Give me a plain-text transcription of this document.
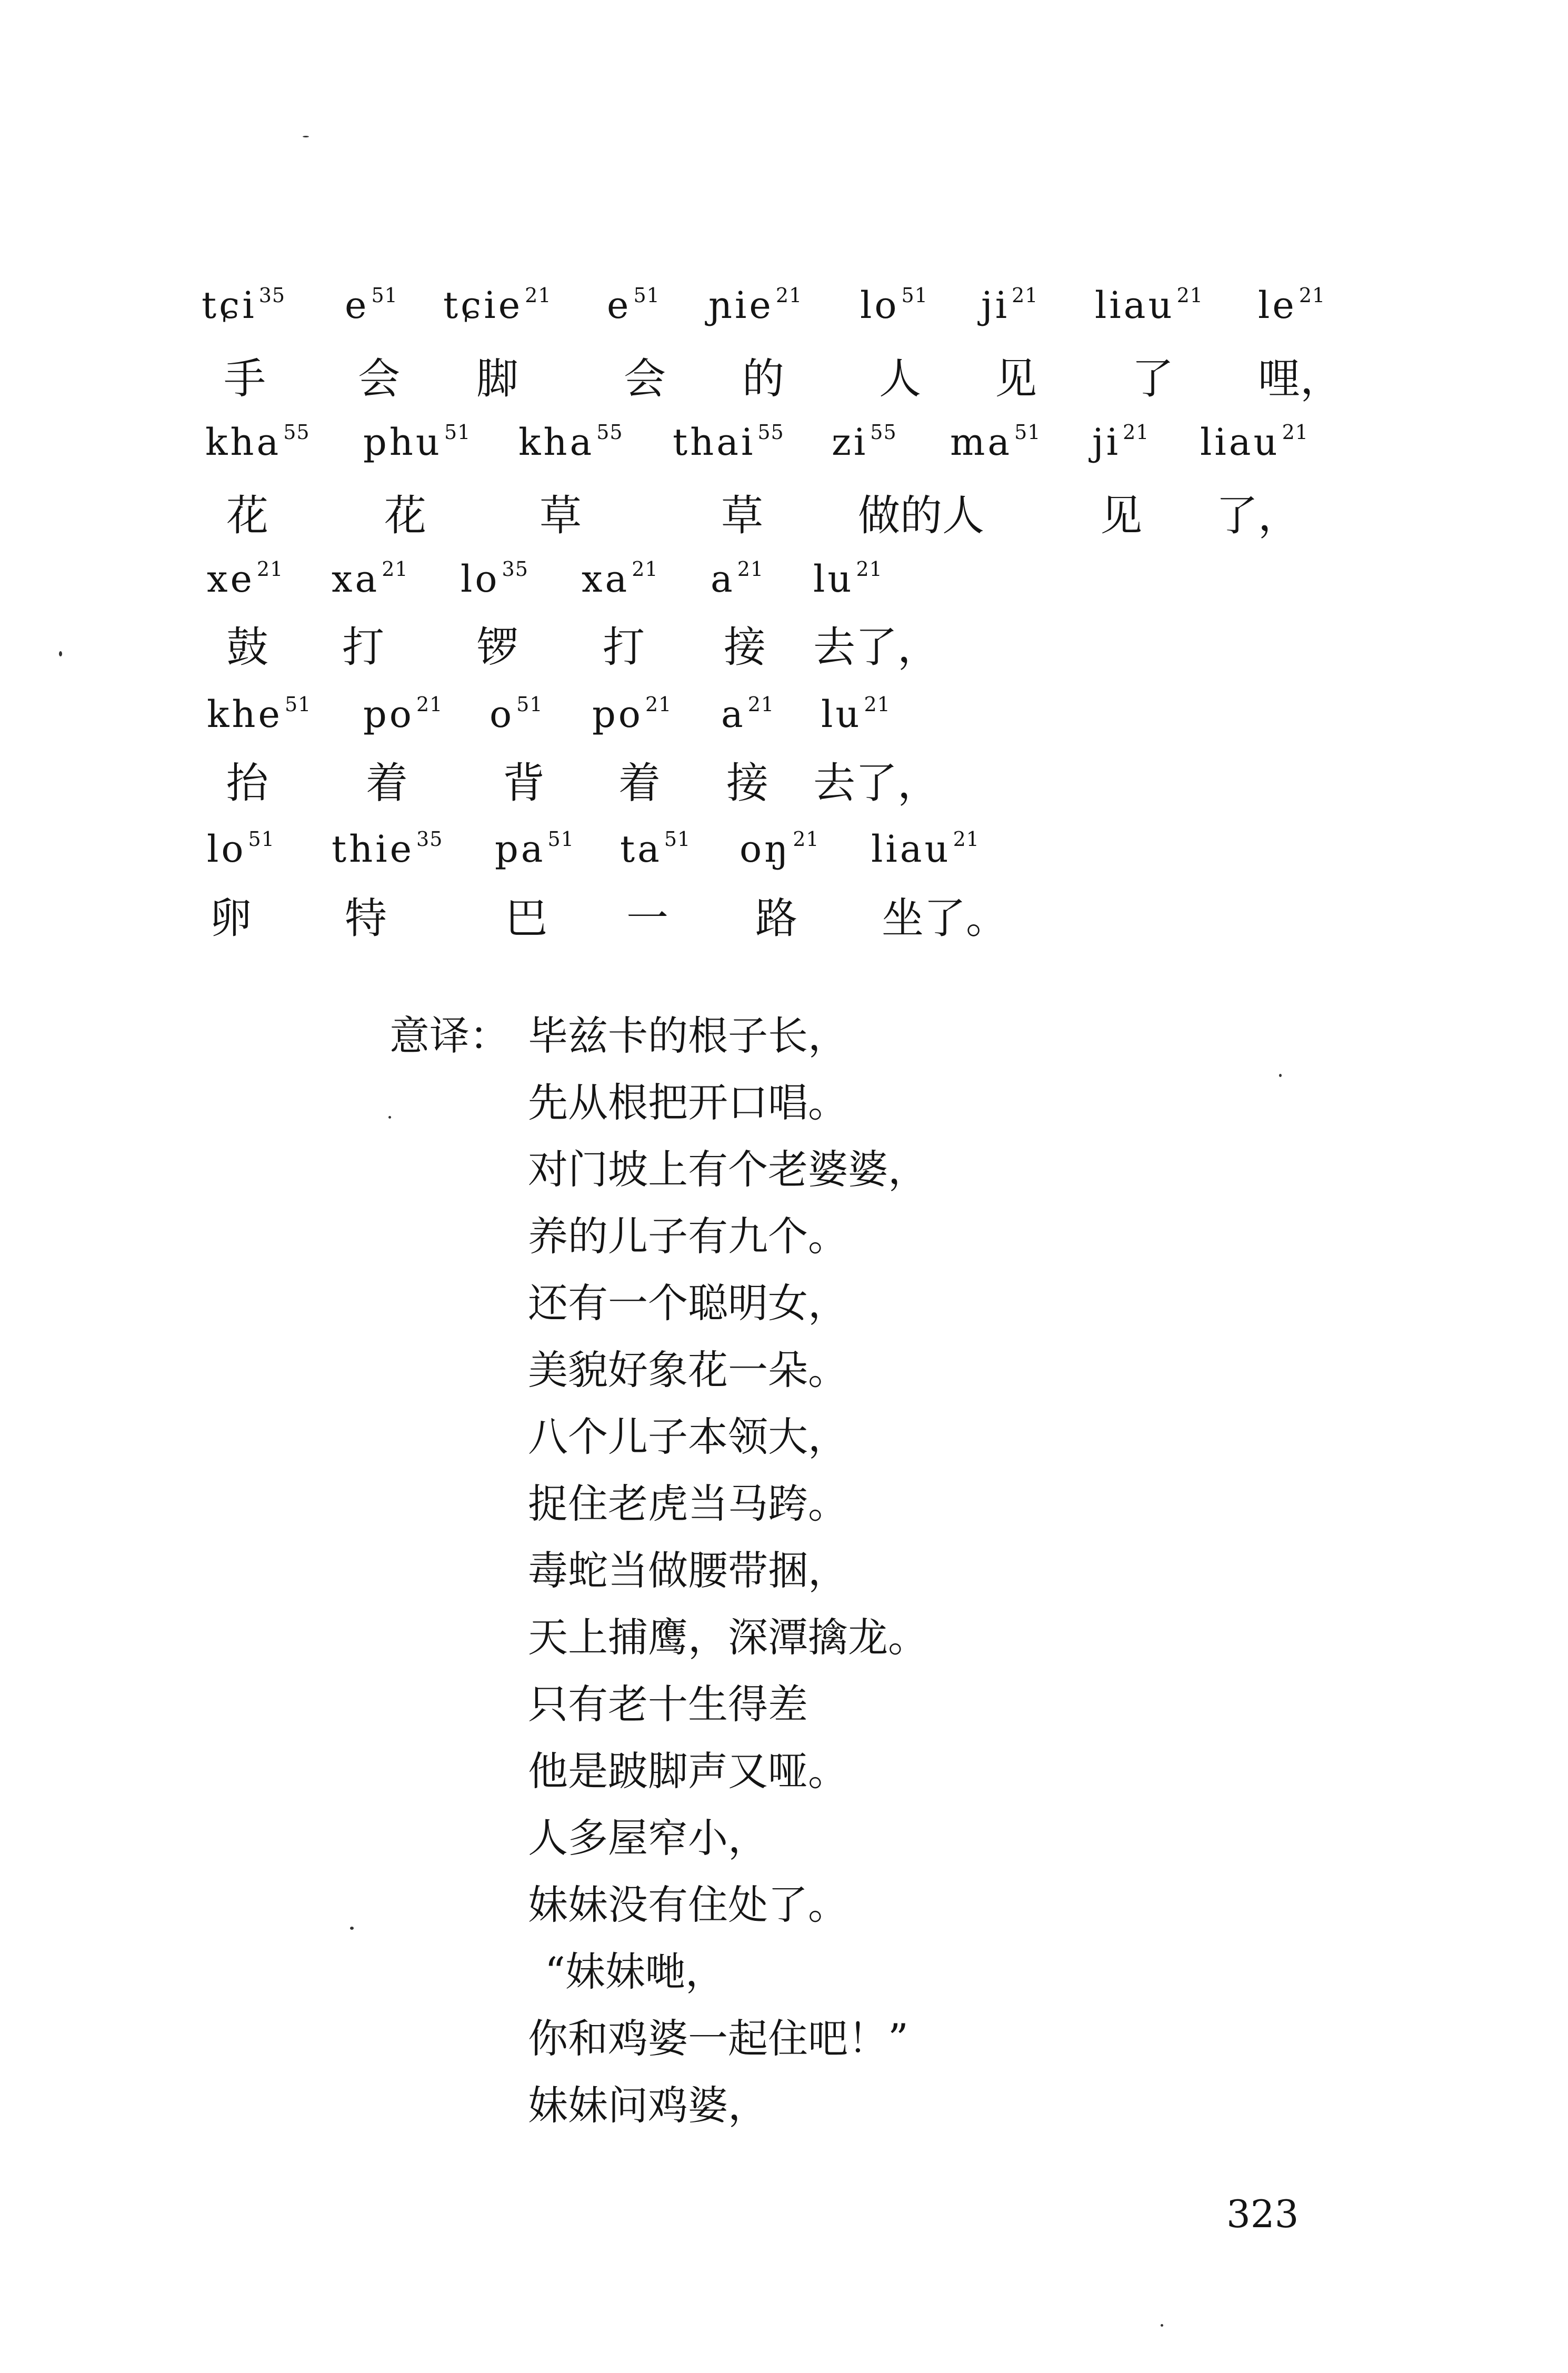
tɕi $^{35}$ e $^{51}$ tɕie $^{21}$ e $^{51}$ ɲie $^{21}$ lo $^{51}$ ji $^{21}$ liau $^{21}$ le $^{21}$
手 会 脚	会 的 人 见 了 哩，
kha $^{55}$ phu $^{51}$ kha $^{55}$ thai $^{55}$ zi $^{55}$ ma $^{51}$ ji $^{21}$ liau $^{21}$
花	花	草	草 做的人	见 了，
xe $^{21}$ xa $^{21}$ lo $^{35}$ xa $^{21}$ a $^{21}$ lu $^{21}$
鼓 打 锣 打 接 去了，
khe $^{51}$ po $^{21}$ o $^{51}$ po $^{21}$ a $^{21}$ lu $^{21}$
抬 着 背 着 接 去了，
lo $^{51}$ thie $^{35}$ pa $^{51}$ ta $^{51}$ oŋ $^{21}$ liau $^{21}$
卵 特	巴 一 路 坐了。
意译： 毕兹卡的根子长，
先从根把开口唱。
对门坡上有个老婆婆，
养的儿子有九个。
还有一个聪明女，
美貌好象花一朵。
八个儿子本领大，
捉住老虎当马跨。
毒蛇当做腰带捆，
天上捕鹰，深潭擒龙。
只有老十生得差
他是跛脚声又哑。
人多屋窄小，
妹妹没有住处了。
“妹妹哋，
你和鸡婆一起住吧！”
妹妹问鸡婆，
323
